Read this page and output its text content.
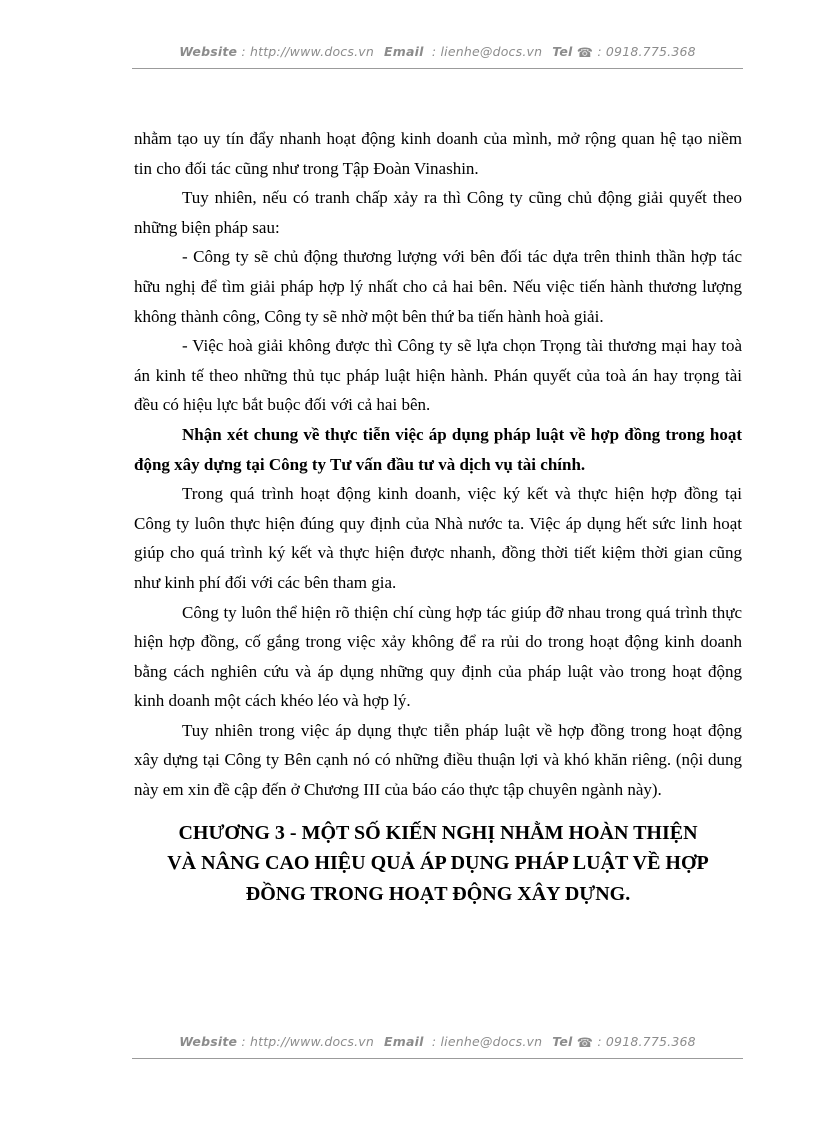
Website : http://www.docs.vn Email : lienhe@docs.vn Tel ☎ : 0918.775.368

nhằm tạo uy tín đẩy nhanh hoạt động kinh doanh của mình, mở rộng quan hệ tạo niềm tin cho đối tác cũng như trong Tập Đoàn Vinashin.

Tuy nhiên, nếu có tranh chấp xảy ra thì Công ty cũng chủ động giải quyết theo những biện pháp sau:

- Công ty sẽ chủ động thương lượng với bên đối tác dựa trên thinh thần hợp tác hữu nghị để tìm giải pháp hợp lý nhất cho cả hai bên. Nếu việc tiến hành thương lượng không thành công, Công ty sẽ nhờ một bên thứ ba tiến hành hoà giải.

- Việc hoà giải không được thì Công ty sẽ lựa chọn Trọng tài thương mại hay toà án kinh tế theo những thủ tục pháp luật hiện hành. Phán quyết của toà án hay trọng tài đều có hiệu lực bắt buộc đối với cả hai bên.

Nhận xét chung về thực tiễn việc áp dụng pháp luật về hợp đồng trong hoạt động xây dựng tại Công ty Tư vấn đầu tư và dịch vụ tài chính.

Trong quá trình hoạt động kinh doanh, việc ký kết và thực hiện hợp đồng tại Công ty luôn thực hiện đúng quy định của Nhà nước ta. Việc áp dụng hết sức linh hoạt giúp cho quá trình ký kết và thực hiện được nhanh, đồng thời tiết kiệm thời gian cũng như kinh phí đối với các bên tham gia.

Công ty luôn thể hiện rõ thiện chí cùng hợp tác giúp đỡ nhau trong quá trình thực hiện hợp đồng, cố gắng trong việc xảy không để ra rủi do trong hoạt động kinh doanh bằng cách nghiên cứu và áp dụng những quy định của pháp luật vào trong hoạt động kinh doanh một cách khéo léo và hợp lý.

Tuy nhiên trong việc áp dụng thực tiễn pháp luật về hợp đồng trong hoạt động xây dựng tại Công ty Bên cạnh nó có những điều thuận lợi và khó khăn riêng. (nội dung này em xin đề cập đến ở Chương III của báo cáo thực tập chuyên ngành này).

CHƯƠNG 3 - MỘT SỐ KIẾN NGHỊ NHẰM HOÀN THIỆN
VÀ NÂNG CAO HIỆU QUẢ ÁP DỤNG PHÁP LUẬT VỀ HỢP
ĐỒNG TRONG HOẠT ĐỘNG XÂY DỰNG.
Website : http://www.docs.vn Email : lienhe@docs.vn Tel ☎ : 0918.775.368
